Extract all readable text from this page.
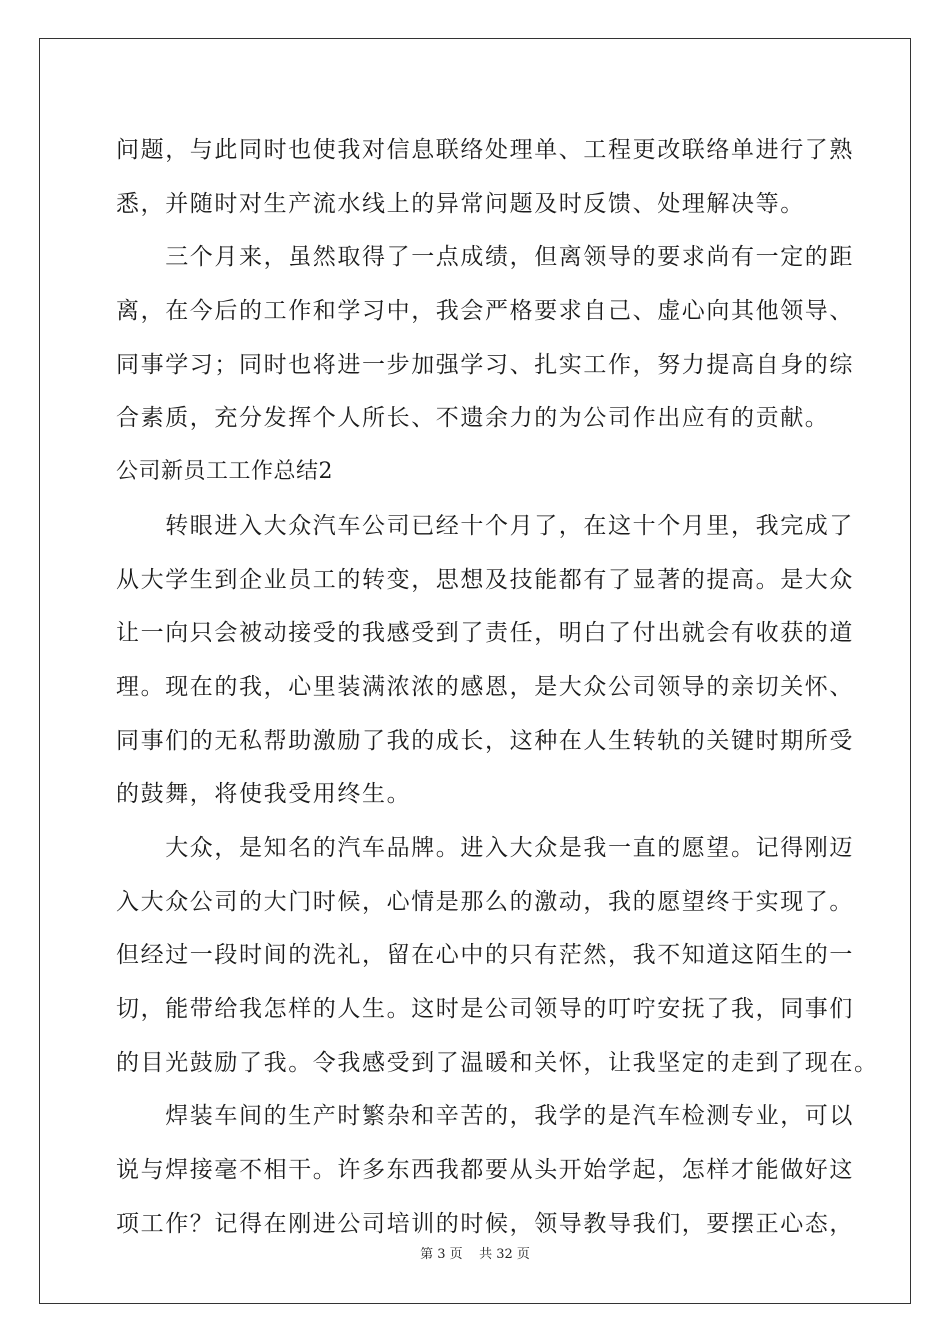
问题，与此同时也使我对信息联络处理单、工程更改联络单进行了熟
悉，并随时对生产流水线上的异常问题及时反馈、处理解决等。
　　三个月来，虽然取得了一点成绩，但离领导的要求尚有一定的距
离，在今后的工作和学习中，我会严格要求自己、虚心向其他领导、
同事学习；同时也将进一步加强学习、扎实工作，努力提高自身的综
合素质，充分发挥个人所长、不遗余力的为公司作出应有的贡献。
公司新员工工作总结2
　　转眼进入大众汽车公司已经十个月了，在这十个月里，我完成了
从大学生到企业员工的转变，思想及技能都有了显著的提高。是大众
让一向只会被动接受的我感受到了责任，明白了付出就会有收获的道
理。现在的我，心里装满浓浓的感恩，是大众公司领导的亲切关怀、
同事们的无私帮助激励了我的成长，这种在人生转轨的关键时期所受
的鼓舞，将使我受用终生。
　　大众，是知名的汽车品牌。进入大众是我一直的愿望。记得刚迈
入大众公司的大门时候，心情是那么的激动，我的愿望终于实现了。
但经过一段时间的洗礼，留在心中的只有茫然，我不知道这陌生的一
切，能带给我怎样的人生。这时是公司领导的叮咛安抚了我，同事们
的目光鼓励了我。令我感受到了温暖和关怀，让我坚定的走到了现在。
　　焊装车间的生产时繁杂和辛苦的，我学的是汽车检测专业，可以
说与焊接毫不相干。许多东西我都要从头开始学起，怎样才能做好这
项工作？记得在刚进公司培训的时候，领导教导我们，要摆正心态，
第 3 页    共 32 页
